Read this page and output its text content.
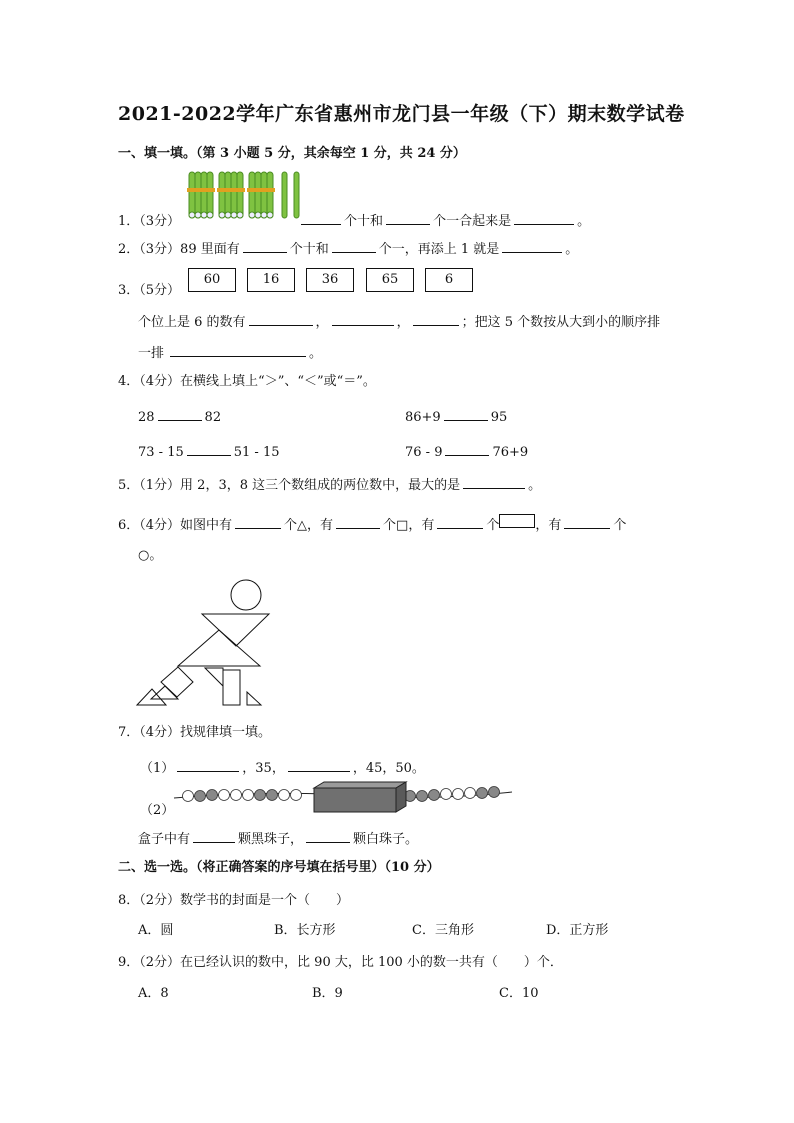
2021-2022学年广东省惠州市龙门县一年级（下）期末数学试卷
一、填一填。（第 3 小题 5 分，其余每空 1 分，共 24 分）
1．（3分）	个十和	个一合起来是	。
2．（3分）89 里面有	个十和	个一，再添上 1 就是	。
3．（5分）
60	16	36	65	6
个位上是 6 的数有	，	，	；把这 5 个数按从大到小的顺序排
一排	。
4．（4分）在横线上填上“＞”、“＜”或“＝”。
28	82	86+9	95
73 - 15	51 - 15	76 - 9	76+9
5．（1分）用 2，3，8 这三个数组成的两位数中，最大的是	。
6．（4分）如图中有	个△，有	个□，有	个	，有	个
○。
7．（4分）找规律填一填。
（1）	，35，	，45，50。
（2）
盒子中有	颗黑珠子，	颗白珠子。
二、选一选。（将正确答案的序号填在括号里）（10 分）
8．（2分）数学书的封面是一个（　　）
A．圆	B．长方形	C．三角形	D．正方形
9．（2分）在已经认识的数中，比 90 大，比 100 小的数一共有（　　）个．
A．8	B．9	C．10
